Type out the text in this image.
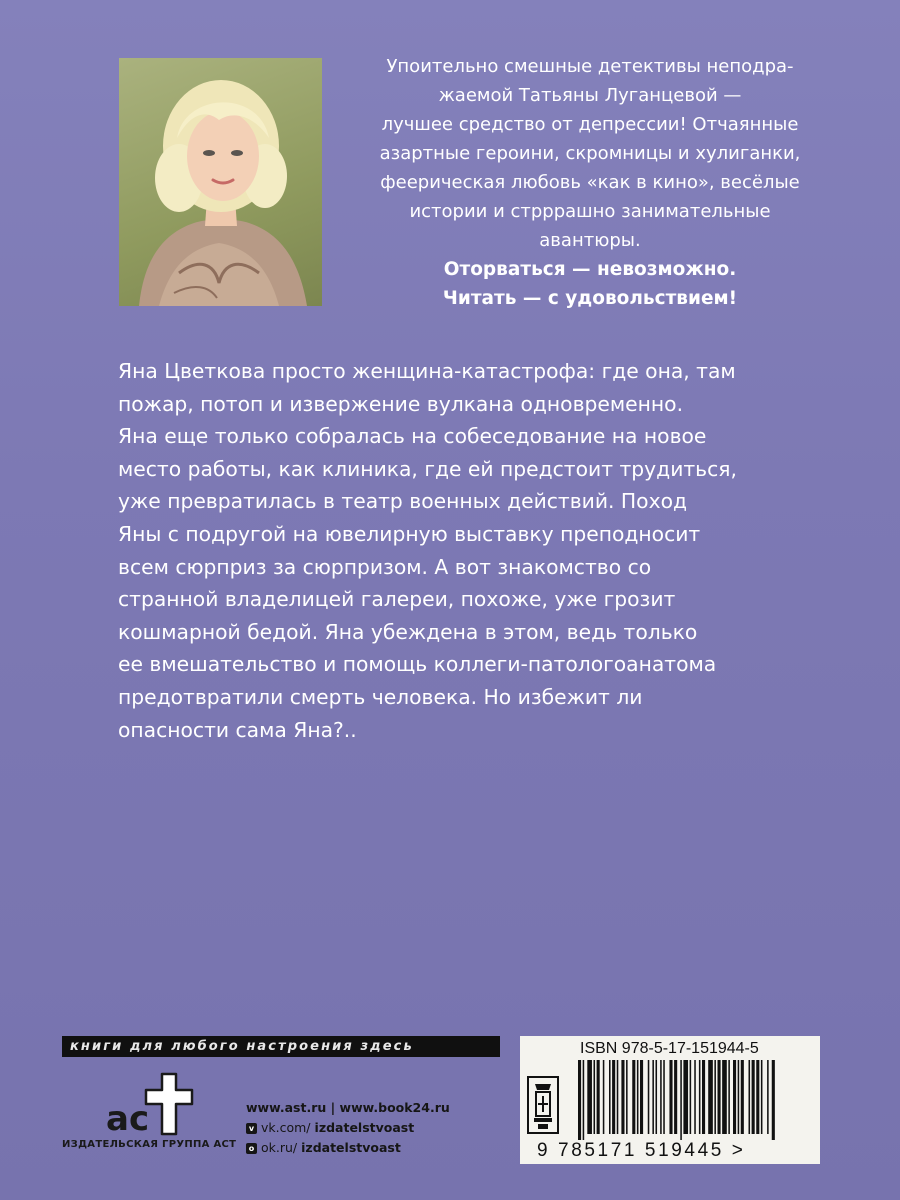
Упоительно смешные детективы неподра-

жаемой Татьяны Луганцевой —

лучшее средство от депрессии! Отчаянные

азартные героини, скромницы и хулиганки,

феерическая любовь «как в кино», весёлые

истории и стрррашно занимательные

авантюры.

Оторваться — невозможно.

Читать — с удовольствием!

Яна Цветкова просто женщина-катастрофа: где она, там

пожар, потоп и извержение вулкана одновременно.

Яна еще только собралась на собеседование на новое

место работы, как клиника, где ей предстоит трудиться,

уже превратилась в театр военных действий. Поход

Яны с подругой на ювелирную выставку преподносит

всем сюрприз за сюрпризом. А вот знакомство со

странной владелицей галереи, похоже, уже грозит

кошмарной бедой. Яна убеждена в этом, ведь только

ее вмешательство и помощь коллеги-патологоанатома

предотвратили смерть человека. Но избежит ли

опасности сама Яна?..

книги для любого настроения здесь
ac
ИЗДАТЕЛЬСКАЯ ГРУППА АСТ
www.ast.ru | www.book24.ru
v vk.com/ izdatelstvoast
o ok.ru/ izdatelstvoast
ISBN 978-5-17-151944-5
9 785171 519445 >
